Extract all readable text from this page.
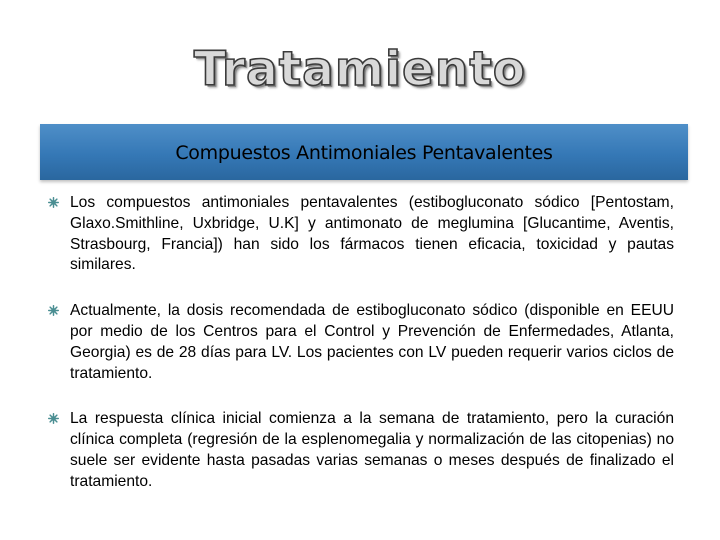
Tratamiento
Compuestos Antimoniales Pentavalentes
Los compuestos antimoniales pentavalentes (estibogluconato sódico [Pentostam, Glaxo.Smithline, Uxbridge, U.K] y antimonato de meglumina [Glucantime, Aventis, Strasbourg, Francia]) han sido los fármacos tienen eficacia, toxicidad y pautas similares.
Actualmente, la dosis recomendada de estibogluconato sódico (disponible en EEUU por medio de los Centros para el Control y Prevención de Enfermedades, Atlanta, Georgia) es de 28 días para LV. Los pacientes con LV pueden requerir varios ciclos de tratamiento.
La respuesta clínica inicial comienza a la semana de tratamiento, pero la curación clínica completa (regresión de la esplenomegalia y normalización de las citopenias) no suele ser evidente hasta pasadas varias semanas o meses después de finalizado el tratamiento.
